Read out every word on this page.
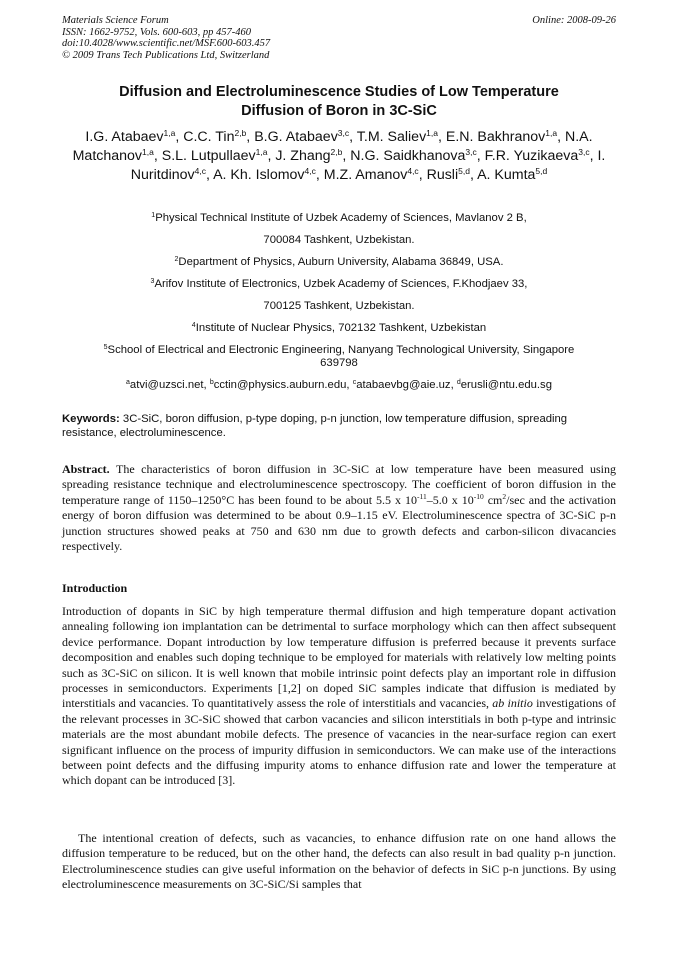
Materials Science Forum
ISSN: 1662-9752, Vols. 600-603, pp 457-460
doi:10.4028/www.scientific.net/MSF.600-603.457
© 2009 Trans Tech Publications Ltd, Switzerland
Online: 2008-09-26
Diffusion and Electroluminescence Studies of Low Temperature
Diffusion of Boron in 3C-SiC
I.G. Atabaev$^{1,a}$, C.C. Tin$^{2,b}$, B.G. Atabaev$^{3,c}$, T.M. Saliev$^{1,a}$, E.N. Bakhranov$^{1,a}$, N.A. Matchanov$^{1,a}$, S.L. Lutpullaev$^{1,a}$, J. Zhang$^{2,b}$, N.G. Saidkhanova$^{3,c}$, F.R. Yuzikaeva$^{3,c}$, I. Nuritdinov$^{4,c}$, A. Kh. Islomov$^{4,c}$, M.Z. Amanov$^{4,c}$, Rusli$^{5,d}$, A. Kumta$^{5,d}$
$^1$Physical Technical Institute of Uzbek Academy of Sciences, Mavlanov 2 B,
700084 Tashkent, Uzbekistan.
$^2$Department of Physics, Auburn University, Alabama 36849, USA.
$^3$Arifov Institute of Electronics, Uzbek Academy of Sciences, F.Khodjaev 33,
700125 Tashkent, Uzbekistan.
$^4$Institute of Nuclear Physics, 702132 Tashkent, Uzbekistan
$^5$School of Electrical and Electronic Engineering, Nanyang Technological University, Singapore
639798
$^a$atvi@uzsci.net, $^b$cctin@physics.auburn.edu, $^c$atabaevbg@aie.uz, $^d$erusli@ntu.edu.sg
Keywords: 3C-SiC, boron diffusion, p-type doping, p-n junction, low temperature diffusion, spreading resistance, electroluminescence.
Abstract. The characteristics of boron diffusion in 3C-SiC at low temperature have been measured using spreading resistance technique and electroluminescence spectroscopy. The coefficient of boron diffusion in the temperature range of 1150–1250°C has been found to be about 5.5 x $10^{-11}-5.0$ x $10^{-10}$ $cm^2/\sec$ and the activation energy of boron diffusion was determined to be about 0.9–1.15 eV. Electroluminescence spectra of 3C-SiC p-n junction structures showed peaks at 750 and 630 nm due to growth defects and carbon-silicon divacancies respectively.
Introduction
Introduction of dopants in SiC by high temperature thermal diffusion and high temperature dopant activation annealing following ion implantation can be detrimental to surface morphology which can then affect subsequent device performance. Dopant introduction by low temperature diffusion is preferred because it prevents surface decomposition and enables such doping technique to be employed for materials with relatively low melting points such as 3C-SiC on silicon. It is well known that mobile intrinsic point defects play an important role in diffusion processes in semiconductors. Experiments [1,2] on doped SiC samples indicate that diffusion is mediated by interstitials and vacancies. To quantitatively assess the role of interstitials and vacancies, ab initio investigations of the relevant processes in 3C-SiC showed that carbon vacancies and silicon interstitials in both p-type and intrinsic materials are the most abundant mobile defects. The presence of vacancies in the near-surface region can exert significant influence on the process of impurity diffusion in semiconductors. We can make use of the interactions between point defects and the diffusing impurity atoms to enhance diffusion rate and lower the temperature at which dopant can be introduced [3].
The intentional creation of defects, such as vacancies, to enhance diffusion rate on one hand allows the diffusion temperature to be reduced, but on the other hand, the defects can also result in bad quality p-n junction. Electroluminescence studies can give useful information on the behavior of defects in SiC p-n junctions. By using electroluminescence measurements on 3C-SiC/Si samples that
